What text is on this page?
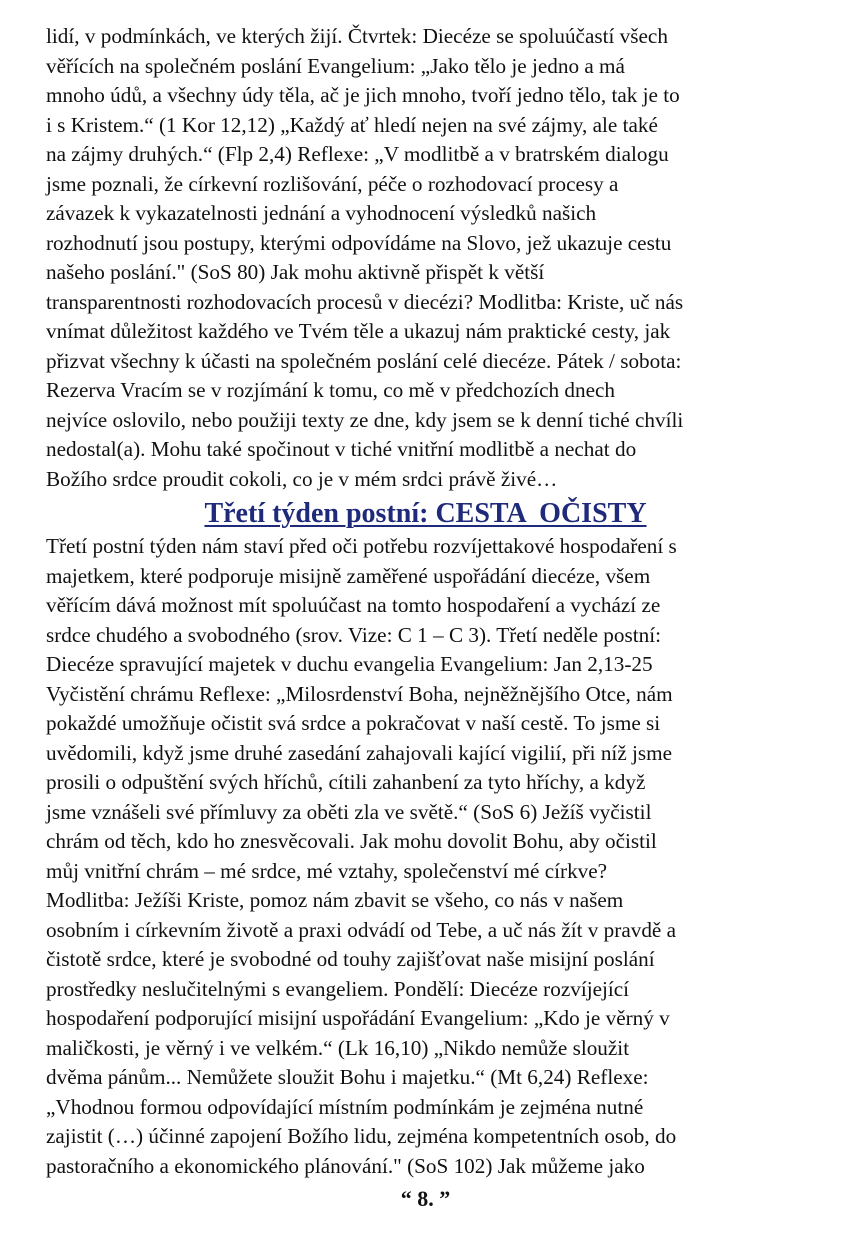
lidí, v podmínkách, ve kterých žijí. Čtvrtek: Diecéze se spoluúčastí všech
věřících na společném poslání Evangelium: „Jako tělo je jedno a má
mnoho údů, a všechny údy těla, ač je jich mnoho, tvoří jedno tělo, tak je to
i s Kristem.“ (1 Kor 12,12) „Každý ať hledí nejen na své zájmy, ale také
na zájmy druhých.“ (Flp 2,4) Reflexe: „V modlitbě a v bratrském dialogu
jsme poznali, že církevní rozlišování, péče o rozhodovací procesy a
závazek k vykazatelnosti jednání a vyhodnocení výsledků našich
rozhodnutí jsou postupy, kterými odpovídáme na Slovo, jež ukazuje cestu
našeho poslání." (SoS 80) Jak mohu aktivně přispět k větší
transparentnosti rozhodovacích procesů v diecézi? Modlitba: Kriste, uč nás
vnímat důležitost každého ve Tvém těle a ukazuj nám praktické cesty, jak
přizvat všechny k účasti na společném poslání celé diecéze. Pátek / sobota:
Rezerva Vracím se v rozjímání k tomu, co mě v předchozích dnech
nejvíce oslovilo, nebo použiji texty ze dne, kdy jsem se k denní tiché chvíli
nedostal(a). Mohu také spočinout v tiché vnitřní modlitbě a nechat do
Božího srdce proudit cokoli, co je v mém srdci právě živé…
Třetí týden postní: CESTA  OČISTY
Třetí postní týden nám staví před oči potřebu rozvíjettakové hospodaření s
majetkem, které podporuje misijně zaměřené uspořádání diecéze, všem
věřícím dává možnost mít spoluúčast na tomto hospodaření a vychází ze
srdce chudého a svobodného (srov. Vize: C 1 – C 3). Třetí neděle postní:
Diecéze spravující majetek v duchu evangelia Evangelium: Jan 2,13-25
Vyčistění chrámu Reflexe: „Milosrdenství Boha, nejněžnějšího Otce, nám
pokaždé umožňuje očistit svá srdce a pokračovat v naší cestě. To jsme si
uvědomili, když jsme druhé zasedání zahajovali kající vigilií, při níž jsme
prosili o odpuštění svých hříchů, cítili zahanbení za tyto hříchy, a když
jsme vznášeli své přímluvy za oběti zla ve světě.“ (SoS 6) Ježíš vyčistil
chrám od těch, kdo ho znesvěcovali. Jak mohu dovolit Bohu, aby očistil
můj vnitřní chrám – mé srdce, mé vztahy, společenství mé církve?
Modlitba: Ježíši Kriste, pomoz nám zbavit se všeho, co nás v našem
osobním i církevním životě a praxi odvádí od Tebe, a uč nás žít v pravdě a
čistotě srdce, které je svobodné od touhy zajišťovat naše misijní poslání
prostředky neslučitelnými s evangeliem. Pondělí: Diecéze rozvíjející
hospodaření podporující misijní uspořádání Evangelium: „Kdo je věrný v
maličkosti, je věrný i ve velkém.“ (Lk 16,10) „Nikdo nemůže sloužit
dvěma pánům... Nemůžete sloužit Bohu i majetku.“ (Mt 6,24) Reflexe:
„Vhodnou formou odpovídající místním podmínkám je zejména nutné
zajistit (…) účinné zapojení Božího lidu, zejména kompetentních osob, do
pastoračního a ekonomického plánování." (SoS 102) Jak můžeme jako
“ 8. ”
